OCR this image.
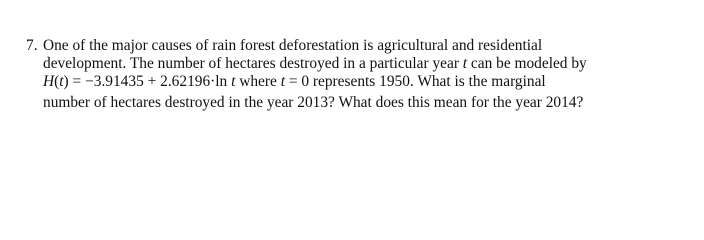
7. One of the major causes of rain forest deforestation is agricultural and residential
development. The number of hectares destroyed in a particular year t can be modeled by
H(t) = −3.91435 + 2.62196·ln t where t = 0 represents 1950. What is the marginal
number of hectares destroyed in the year 2013? What does this mean for the year 2014?
